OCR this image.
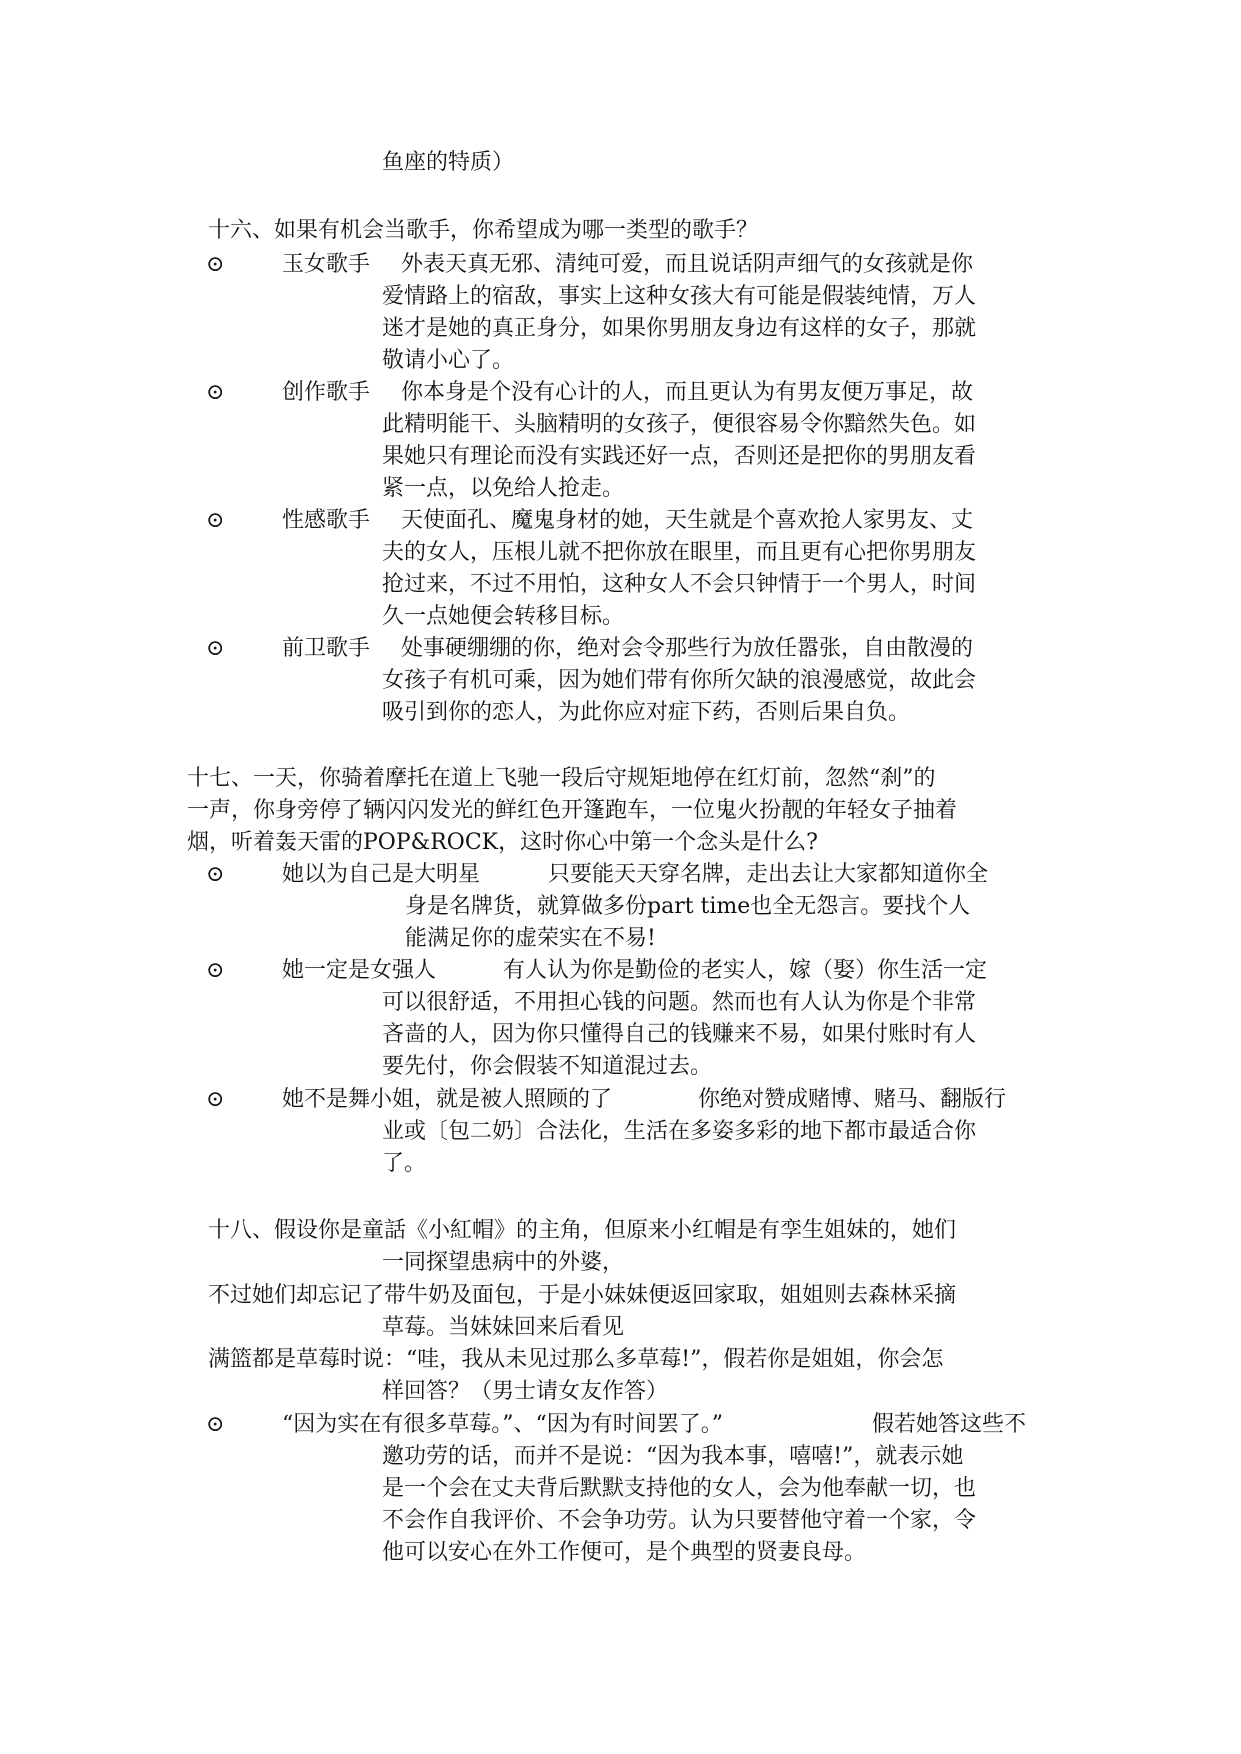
鱼座的特质）
十六、如果有机会当歌手，你希望成为哪一类型的歌手？
⊙	玉女歌手 外表天真无邪、清纯可爱，而且说话阴声细气的女孩就是你
爱情路上的宿敌，事实上这种女孩大有可能是假装纯情，万人
迷才是她的真正身分，如果你男朋友身边有这样的女子，那就
敬请小心了。
⊙	创作歌手 你本身是个没有心计的人，而且更认为有男友便万事足，故
此精明能干、头脑精明的女孩子，便很容易令你黯然失色。如
果她只有理论而没有实践还好一点，否则还是把你的男朋友看
紧一点，以免给人抢走。
⊙	性感歌手 天使面孔、魔鬼身材的她，天生就是个喜欢抢人家男友、丈
夫的女人，压根儿就不把你放在眼里，而且更有心把你男朋友
抢过来，不过不用怕，这种女人不会只钟情于一个男人，时间
久一点她便会转移目标。
⊙	前卫歌手 处事硬绷绷的你，绝对会令那些行为放任嚣张，自由散漫的
女孩子有机可乘，因为她们带有你所欠缺的浪漫感觉，故此会
吸引到你的恋人，为此你应对症下药，否则后果自负。
十七、一天，你骑着摩托在道上飞驰一段后守规矩地停在红灯前，忽然“刹”的
一声，你身旁停了辆闪闪发光的鲜红色开篷跑车，一位鬼火扮靓的年轻女子抽着
烟，听着轰天雷的POP&ROCK，这时你心中第一个念头是什么?
⊙	她以为自己是大明星	只要能天天穿名牌，走出去让大家都知道你全
身是名牌货，就算做多份part time也全无怨言。要找个人
能满足你的虚荣实在不易!
⊙	她一定是女强人	有人认为你是勤俭的老实人，嫁（娶）你生活一定
可以很舒适，不用担心钱的问题。然而也有人认为你是个非常
吝啬的人，因为你只懂得自己的钱赚来不易，如果付账时有人
要先付，你会假装不知道混过去。
⊙	她不是舞小姐，就是被人照顾的了	你绝对赞成赌博、赌马、翻版行
业或〔包二奶〕合法化，生活在多姿多彩的地下都市最适合你
了。
十八、假设你是童話《小紅帽》的主角，但原来小红帽是有孪生姐妹的，她们
一同探望患病中的外婆，
不过她们却忘记了带牛奶及面包，于是小妹妹便返回家取，姐姐则去森林采摘
草莓。当妹妹回来后看见
满篮都是草莓时说：“哇，我从未见过那么多草莓!”，假若你是姐姐，你会怎
样回答？（男士请女友作答）
⊙	“因为实在有很多草莓。”、“因为有时间罢了。”	假若她答这些不
邀功劳的话，而并不是说：“因为我本事，嘻嘻!”，就表示她
是一个会在丈夫背后默默支持他的女人，会为他奉献一切，也
不会作自我评价、不会争功劳。认为只要替他守着一个家，令
他可以安心在外工作便可，是个典型的贤妻良母。
